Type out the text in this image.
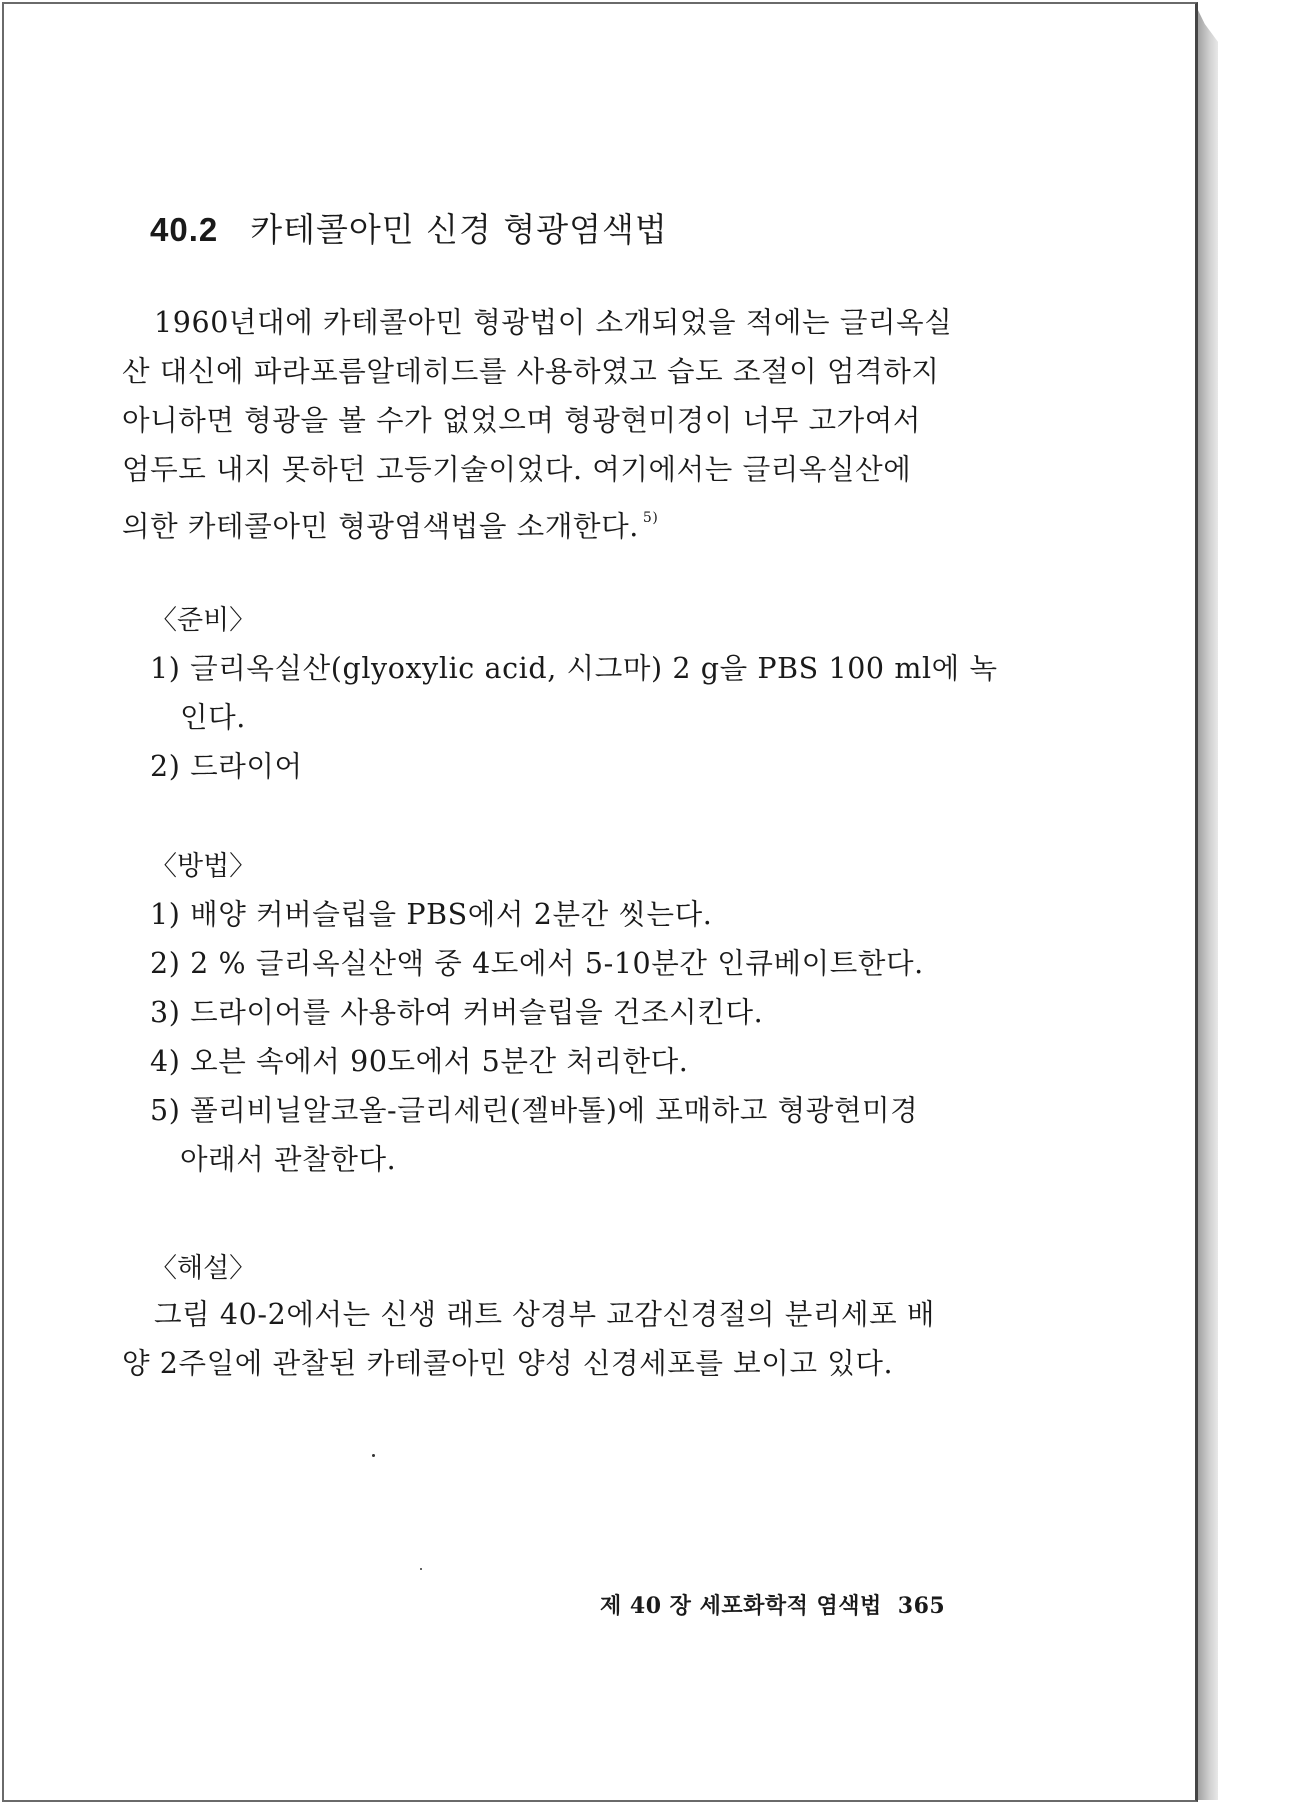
40.2 카테콜아민 신경 형광염색법
1960년대에 카테콜아민 형광법이 소개되었을 적에는 글리옥실
산 대신에 파라포름알데히드를 사용하였고 습도 조절이 엄격하지
아니하면 형광을 볼 수가 없었으며 형광현미경이 너무 고가여서
엄두도 내지 못하던 고등기술이었다. 여기에서는 글리옥실산에
의한 카테콜아민 형광염색법을 소개한다. $^{5)}$
〈준비〉
1) 글리옥실산(glyoxylic acid, 시그마) 2 g을 PBS 100 ml에 녹
인다.
2) 드라이어
〈방법〉
1) 배양 커버슬립을 PBS에서 2분간 씻는다.
2) 2 % 글리옥실산액 중 4도에서 5-10분간 인큐베이트한다.
3) 드라이어를 사용하여 커버슬립을 건조시킨다.
4) 오븐 속에서 90도에서 5분간 처리한다.
5) 폴리비닐알코올-글리세린(젤바톨)에 포매하고 형광현미경
아래서 관찰한다.
〈해설〉
그림 40-2에서는 신생 래트 상경부 교감신경절의 분리세포 배
양 2주일에 관찰된 카테콜아민 양성 신경세포를 보이고 있다.
제 40 장 세포화학적 염색법 365
